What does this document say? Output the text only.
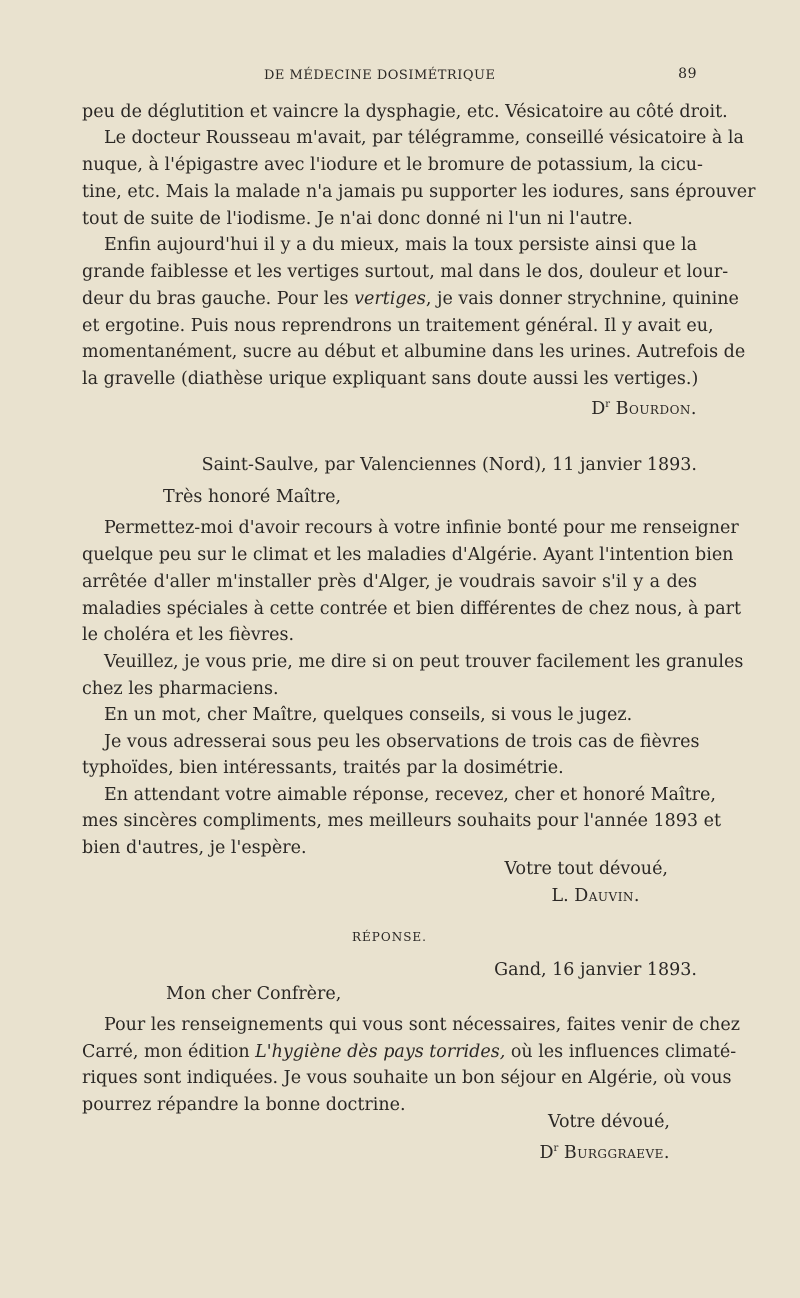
DE MÉDECINE DOSIMÉTRIQUE	89
peu de déglutition et vaincre la dysphagie, etc. Vésicatoire au côté droit.
Le docteur Rousseau m'avait, par télégramme, conseillé vésicatoire à la
nuque, à l'épigastre avec l'iodure et le bromure de potassium, la cicu-
tine, etc. Mais la malade n'a jamais pu supporter les iodures, sans éprouver
tout de suite de l'iodisme. Je n'ai donc donné ni l'un ni l'autre.
Enfin aujourd'hui il y a du mieux, mais la toux persiste ainsi que la
grande faiblesse et les vertiges surtout, mal dans le dos, douleur et lour-
deur du bras gauche. Pour les vertiges, je vais donner strychnine, quinine
et ergotine. Puis nous reprendrons un traitement général. Il y avait eu,
momentanément, sucre au début et albumine dans les urines. Autrefois de
la gravelle (diathèse urique expliquant sans doute aussi les vertiges.)
$D^r$ Bourdon.
Saint-Saulve, par Valenciennes (Nord), 11 janvier 1893.
Très honoré Maître,
Permettez-moi d'avoir recours à votre infinie bonté pour me renseigner
quelque peu sur le climat et les maladies d'Algérie. Ayant l'intention bien
arrêtée d'aller m'installer près d'Alger, je voudrais savoir s'il y a des
maladies spéciales à cette contrée et bien différentes de chez nous, à part
le choléra et les fièvres.
Veuillez, je vous prie, me dire si on peut trouver facilement les granules
chez les pharmaciens.
En un mot, cher Maître, quelques conseils, si vous le jugez.
Je vous adresserai sous peu les observations de trois cas de fièvres
typhoïdes, bien intéressants, traités par la dosimétrie.
En attendant votre aimable réponse, recevez, cher et honoré Maître,
mes sincères compliments, mes meilleurs souhaits pour l'année 1893 et
bien d'autres, je l'espère.
Votre tout dévoué,
L. Dauvin.
RÉPONSE.
Gand, 16 janvier 1893.
Mon cher Confrère,
Pour les renseignements qui vous sont nécessaires, faites venir de chez
Carré, mon édition L'hygiène dès pays torrides, où les influences climaté-
riques sont indiquées. Je vous souhaite un bon séjour en Algérie, où vous
pourrez répandre la bonne doctrine.
Votre dévoué,
$D^r$ Burggraeve.
